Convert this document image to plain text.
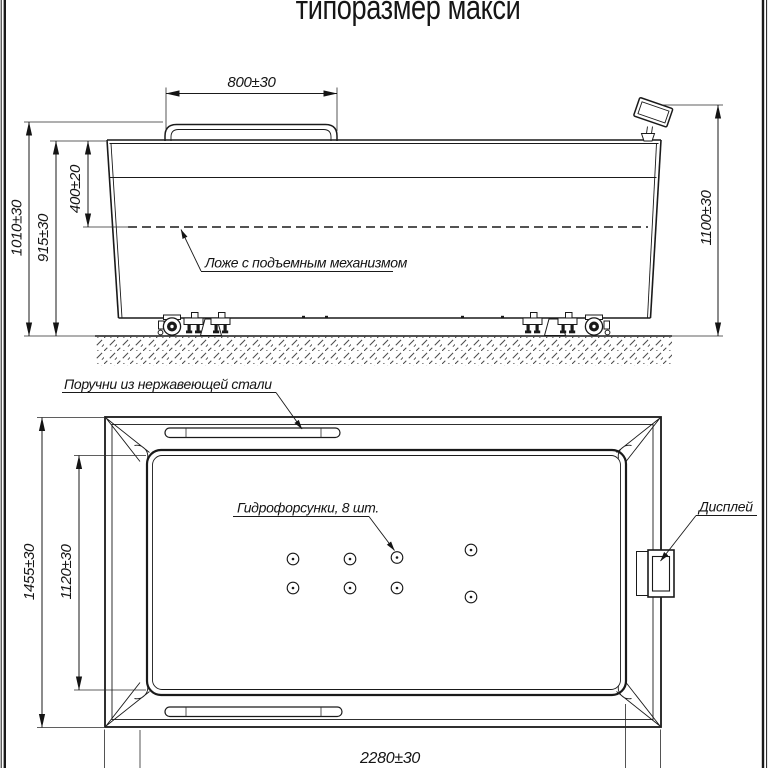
типоразмер макси
800±30
1010±30 915±30
400±20
1100±30
Ложе с подъемным механизмом
Поручни из нержавеющей стали
Гидрофорсунки, 8 шт.	Дисплей
1455±30 1120±30
2280±30
